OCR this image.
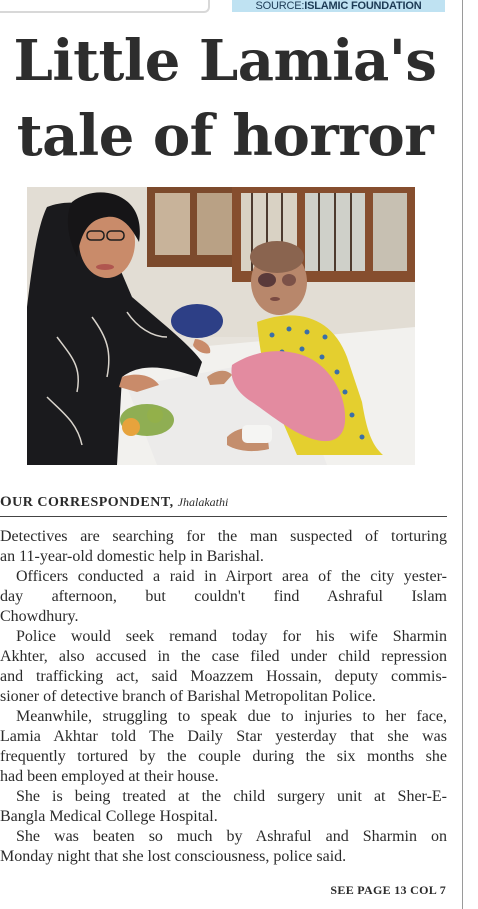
SOURCE:ISLAMIC FOUNDATION
Little Lamia's
tale of horror
OUR CORRESPONDENT, Jhalakathi
Detectives are searching for the man suspected of torturing
an 11-year-old domestic help in Barishal.
Officers conducted a raid in Airport area of the city yester-
day afternoon, but couldn't find Ashraful Islam
Chowdhury.
Police would seek remand today for his wife Sharmin
Akhter, also accused in the case filed under child repression
and trafficking act, said Moazzem Hossain, deputy commis-
sioner of detective branch of Barishal Metropolitan Police.
Meanwhile, struggling to speak due to injuries to her face,
Lamia Akhtar told The Daily Star yesterday that she was
frequently tortured by the couple during the six months she
had been employed at their house.
She is being treated at the child surgery unit at Sher-E-
Bangla Medical College Hospital.
She was beaten so much by Ashraful and Sharmin on
Monday night that she lost consciousness, police said.
SEE PAGE 13 COL 7
